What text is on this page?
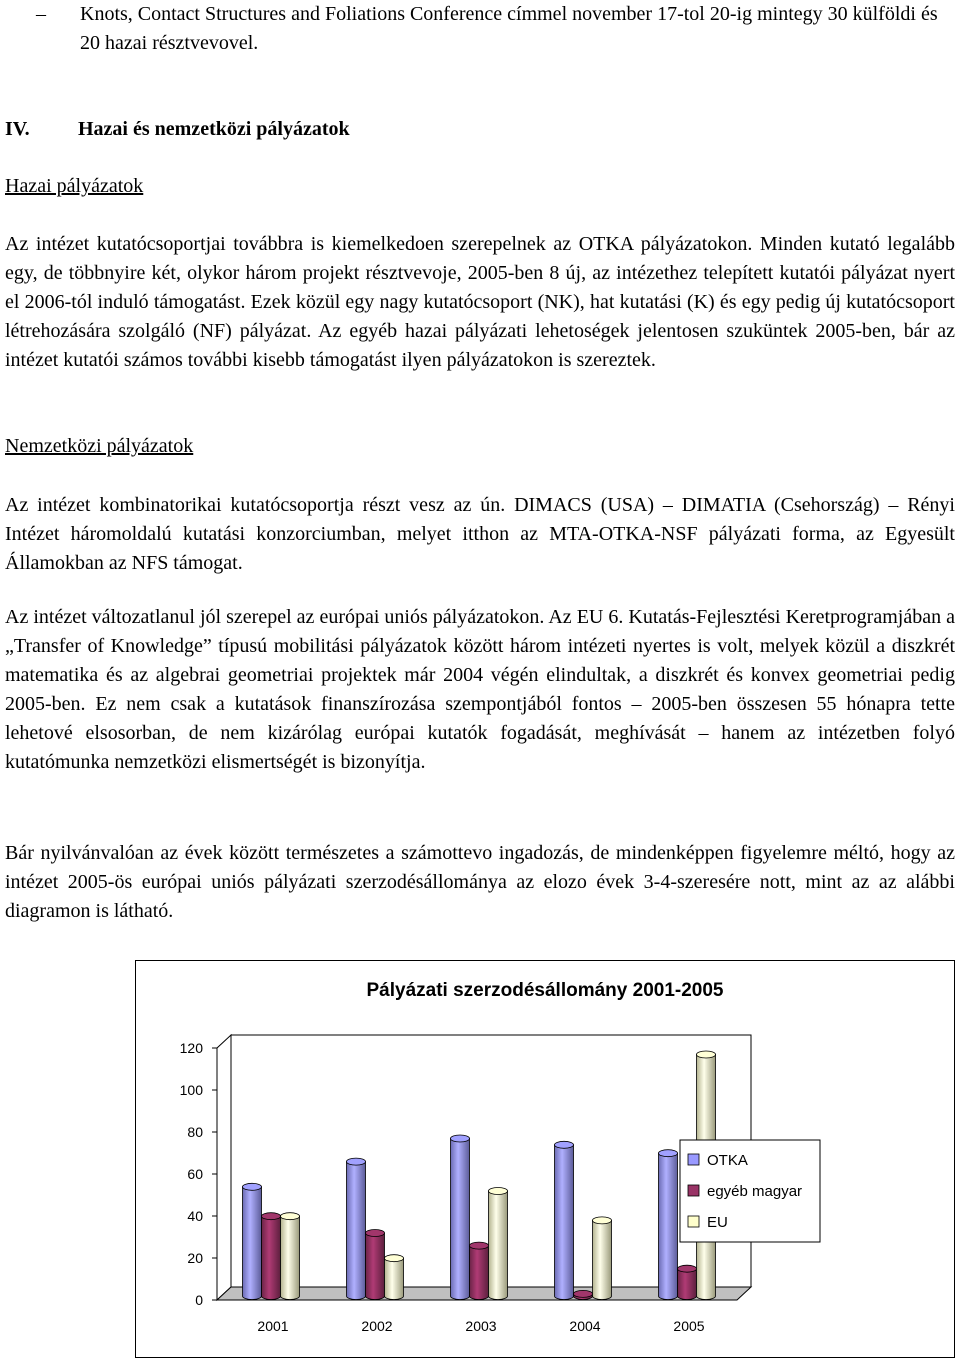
– Knots, Contact Structures and Foliations Conference címmel november 17-tol 20-ig mintegy 30 külföldi és 20 hazai résztvevovel.
IV. Hazai és nemzetközi pályázatok
Hazai pályázatok
Az intézet kutatócsoportjai továbbra is kiemelkedoen szerepelnek az OTKA pályázatokon. Minden kutató legalább egy, de többnyire két, olykor három projekt résztvevoje, 2005-ben 8 új, az intézethez telepített kutatói pályázat nyert el 2006-tól induló támogatást. Ezek közül egy nagy kutatócsoport (NK), hat kutatási (K) és egy pedig új kutatócsoport létrehozására szolgáló (NF) pályázat. Az egyéb hazai pályázati lehetoségek jelentosen szuküntek 2005-ben, bár az intézet kutatói számos további kisebb támogatást ilyen pályázatokon is szereztek.
Nemzetközi pályázatok
Az intézet kombinatorikai kutatócsoportja részt vesz az ún. DIMACS (USA) – DIMATIA (Csehország) – Rényi Intézet háromoldalú kutatási konzorciumban, melyet itthon az MTA-OTKA-NSF pályázati forma, az Egyesült Államokban az NFS támogat.
Az intézet változatlanul jól szerepel az európai uniós pályázatokon. Az EU 6. Kutatás-Fejlesztési Keretprogramjában a „Transfer of Knowledge” típusú mobilitási pályázatok között három intézeti nyertes is volt, melyek közül a diszkrét matematika és az algebrai geometriai projektek már 2004 végén elindultak, a diszkrét és konvex geometriai pedig 2005-ben. Ez nem csak a kutatások finanszírozása szempontjából fontos – 2005-ben összesen 55 hónapra tette lehetové elsosorban, de nem kizárólag európai kutatók fogadását, meghívását – hanem az intézetben folyó kutatómunka nemzetközi elismertségét is bizonyítja.
Bár nyilvánvalóan az évek között természetes a számottevo ingadozás, de mindenképpen figyelemre méltó, hogy az intézet 2005-ös európai uniós pályázati szerzodésállománya az elozo évek 3-4-szeresére nott, mint az az alábbi diagramon is látható.
Pályázati szerzodésállomány 2001-2005
0
20
40
60
80
100
120
2001	2002	2003	2004	2005
OTKA
egyéb magyar
EU
